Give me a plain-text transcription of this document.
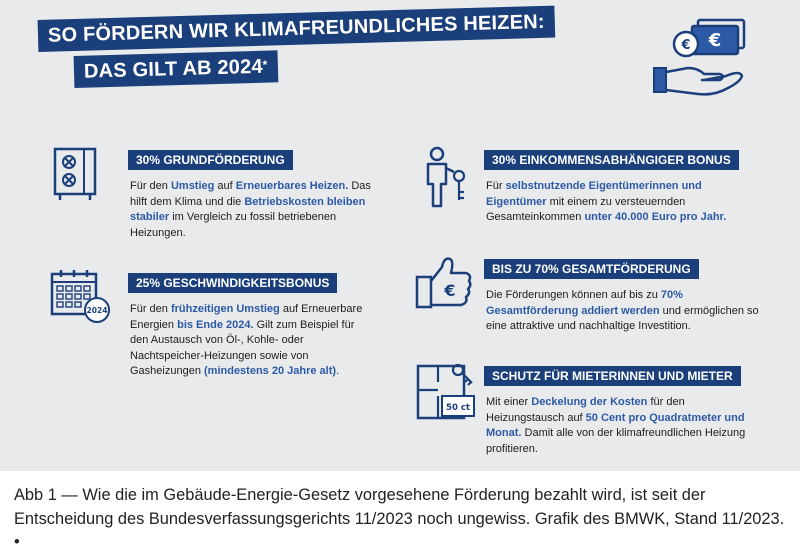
SO FÖRDERN WIR KLIMAFREUNDLICHES HEIZEN:
DAS GILT AB 2024*
€
€
2024
€
50 ct
30% GRUNDFÖRDERUNG
Für den Umstieg auf Erneuerbares Heizen. Das hilft dem Klima und die Betriebskosten bleiben stabiler im Vergleich zu fossil betriebenen Heizungen.
25% GESCHWINDIGKEITSBONUS
Für den frühzeitigen Umstieg auf Erneuerbare Energien bis Ende 2024. Gilt zum Beispiel für den Austausch von Öl-, Kohle- oder Nachtspeicher-Heizungen sowie von Gasheizungen (mindestens 20 Jahre alt).
30% EINKOMMENSABHÄNGIGER BONUS
Für selbstnutzende Eigentümerinnen und Eigentümer mit einem zu versteuernden Gesamteinkommen unter 40.000 Euro pro Jahr.
BIS ZU 70% GESAMTFÖRDERUNG
Die Förderungen können auf bis zu 70% Gesamtförderung addiert werden und ermöglichen so eine attraktive und nachhaltige Investition.
SCHUTZ FÜR MIETERINNEN UND MIETER
Mit einer Deckelung der Kosten für den Heizungstausch auf 50 Cent pro Quadratmeter und Monat. Damit alle von der klimafreundlichen Heizung profitieren.
Abb 1 — Wie die im Gebäude-Energie-Gesetz vorgesehene Förderung bezahlt wird, ist seit der Entscheidung des Bundesverfassungsgerichts 11/2023 noch ungewiss. Grafik des BMWK, Stand 11/2023. •
